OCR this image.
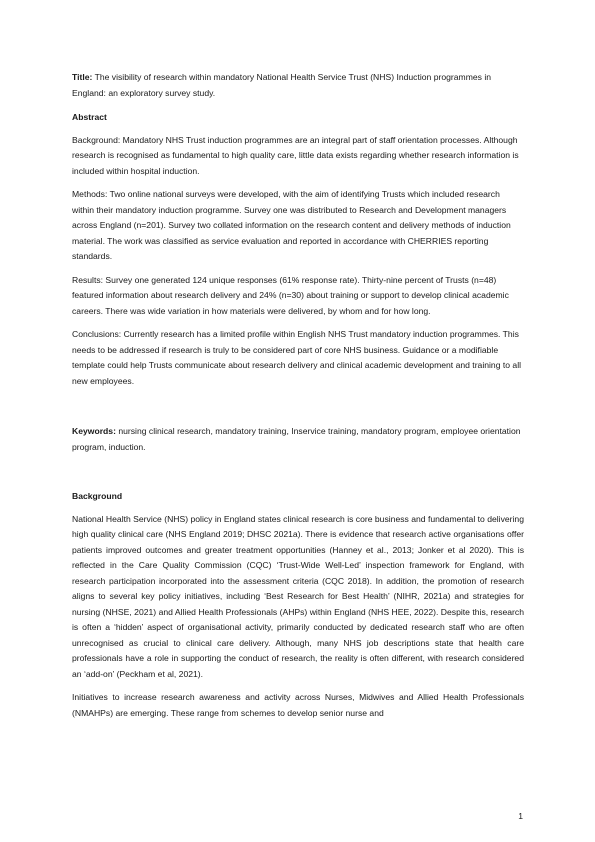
Title: The visibility of research within mandatory National Health Service Trust (NHS) Induction programmes in England: an exploratory survey study.

Abstract

Background: Mandatory NHS Trust induction programmes are an integral part of staff orientation processes. Although research is recognised as fundamental to high quality care, little data exists regarding whether research information is included within hospital induction.

Methods: Two online national surveys were developed, with the aim of identifying Trusts which included research within their mandatory induction programme. Survey one was distributed to Research and Development managers across England (n=201). Survey two collated information on the research content and delivery methods of induction material. The work was classified as service evaluation and reported in accordance with CHERRIES reporting standards.

Results: Survey one generated 124 unique responses (61% response rate). Thirty-nine percent of Trusts (n=48) featured information about research delivery and 24% (n=30) about training or support to develop clinical academic careers. There was wide variation in how materials were delivered, by whom and for how long.

Conclusions: Currently research has a limited profile within English NHS Trust mandatory induction programmes. This needs to be addressed if research is truly to be considered part of core NHS business. Guidance or a modifiable template could help Trusts communicate about research delivery and clinical academic development and training to all new employees.

Keywords: nursing clinical research, mandatory training, Inservice training, mandatory program, employee orientation program, induction.

Background

National Health Service (NHS) policy in England states clinical research is core business and fundamental to delivering high quality clinical care (NHS England 2019; DHSC 2021a). There is evidence that research active organisations offer patients improved outcomes and greater treatment opportunities (Hanney et al., 2013; Jonker et al 2020). This is reflected in the Care Quality Commission (CQC) ‘Trust-Wide Well-Led’ inspection framework for England, with research participation incorporated into the assessment criteria (CQC 2018). In addition, the promotion of research aligns to several key policy initiatives, including ‘Best Research for Best Health’ (NIHR, 2021a) and strategies for nursing (NHSE, 2021) and Allied Health Professionals (AHPs) within England (NHS HEE, 2022). Despite this, research is often a ‘hidden’ aspect of organisational activity, primarily conducted by dedicated research staff who are often unrecognised as crucial to clinical care delivery. Although, many NHS job descriptions state that health care professionals have a role in supporting the conduct of research, the reality is often different, with research considered an ‘add-on’ (Peckham et al, 2021).

Initiatives to increase research awareness and activity across Nurses, Midwives and Allied Health Professionals (NMAHPs) are emerging. These range from schemes to develop senior nurse and

1
